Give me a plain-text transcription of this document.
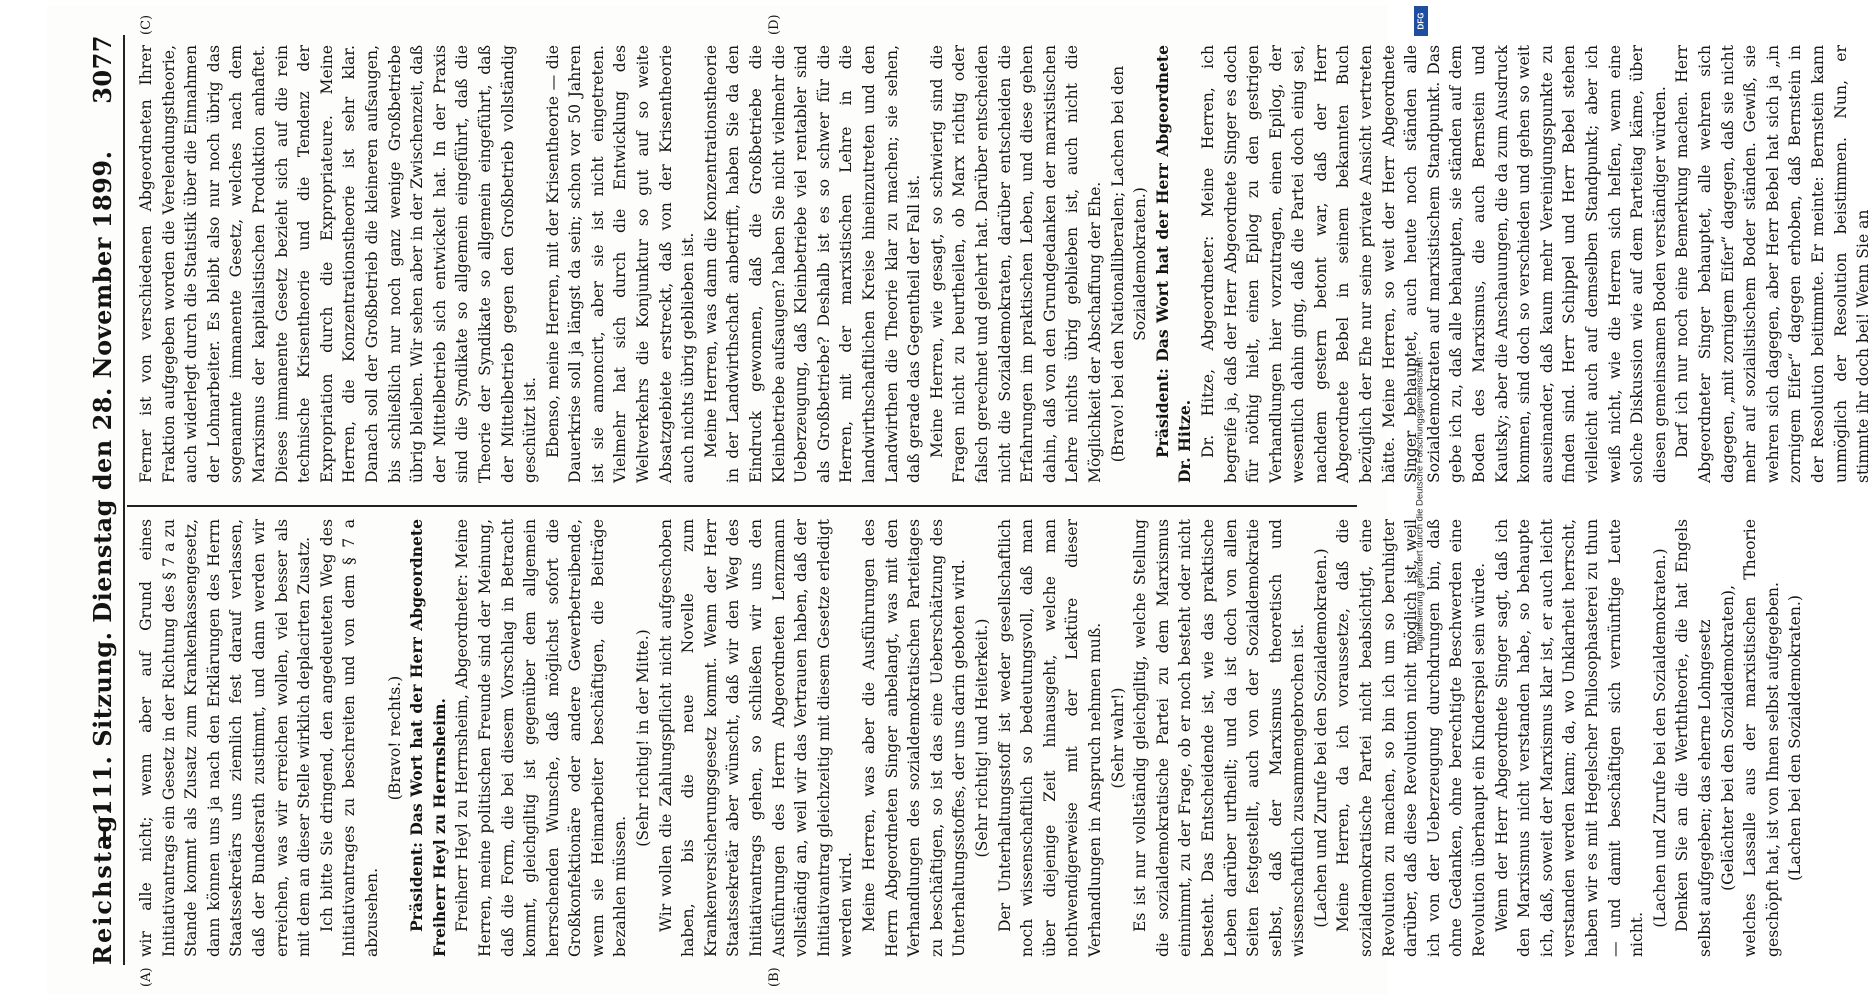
Reichstag.
— 111. Sitzung. Dienstag den 28. November 1899.
3077
(A)	(B)
(C)	(D)

wir alle nicht; wenn aber auf Grund eines Initiativantrags ein Gesetz in der Richtung des § 7 a zu Stande kommt als Zusatz zum Krankenkassengesetz, dann können uns ja nach den Erklärungen des Herrn Staatssekretärs uns ziemlich fest darauf verlassen, daß der Bundesrath zustimmt, und dann werden wir erreichen, was wir erreichen wollen, viel besser als mit dem an dieser Stelle wirklich deplacirten Zusatz. Ich bitte Sie dringend, den angedeuteten Weg des Initiativantrages zu beschreiten und von dem § 7 a abzusehen.

(Bravo! rechts.) Präsident: Das Wort hat der Herr Abgeordnete Freiherr Heyl zu Herrnsheim. Freiherr Heyl zu Herrnsheim, Abgeordneter: Meine Herren, meine politischen Freunde sind der Meinung, daß die Form, die bei diesem Vorschlag in Betracht kommt, gleichgiltig ist gegenüber dem allgemein herrschenden Wunsche, daß möglichst sofort die Großkonfektionäre oder andere Gewerbetreibende, wenn sie Heimarbeiter beschäftigen, die Beiträge bezahlen müssen.

(Sehr richtig! in der Mitte.) Wir wollen die Zahlungspflicht nicht aufgeschoben haben, bis die neue Novelle zum Krankenversicherungsgesetz kommt. Wenn der Herr Staatssekretär aber wünscht, daß wir den Weg des Initiativantrags gehen, so schließen wir uns den Ausführungen des Herrn Abgeordneten Lenzmann vollständig an, weil wir das Vertrauen haben, daß der Initiativantrag gleichzeitig mit diesem Gesetze erledigt werden wird. Meine Herren, was aber die Ausführungen des Herrn Abgeordneten Singer anbelangt, was mit den Verhandlungen des sozialdemokratischen Parteitages zu beschäftigen, so ist das eine Ueberschätzung des Unterhaltungsstoffes, der uns darin geboten wird. (Sehr richtig! und Heiterkeit.) Der Unterhaltungsstoff ist weder gesellschaftlich noch wissenschaftlich so bedeutungsvoll, daß man über diejenige Zeit hinausgeht, welche man nothwendigerweise mit der Lektüre dieser Verhandlungen in Anspruch nehmen muß. (Sehr wahr!) Es ist nur vollständig gleichgiltig, welche Stellung die sozialdemokratische Partei zu dem Marxismus einnimmt, zu der Frage, ob er noch besteht oder nicht besteht. Das Entscheidende ist, wie das praktische Leben darüber urtheilt; und da ist doch von allen Seiten festgestellt, auch von der Sozialdemokratie selbst, daß der Marxismus theoretisch und wissenschaftlich zusammengebrochen ist. (Lachen und Zurufe bei den Sozialdemokraten.) Meine Herren, da ich voraussetze, daß die sozialdemokratische Partei nicht beabsichtigt, eine Revolution zu machen, so bin ich um so beruhigter darüber, daß diese Revolution nicht möglich ist, weil ich von der Ueberzeugung durchdrungen bin, daß ohne Gedanken, ohne berechtigte Beschwerden eine Revolution überhaupt ein Kinderspiel sein würde. Wenn der Herr Abgeordnete Singer sagt, daß ich den Marxismus nicht verstanden habe, so behaupte ich, daß, soweit der Marxismus klar ist, er auch leicht verstanden werden kann; da, wo Unklarheit herrscht, haben wir es mit Hegelscher Philosophasterei zu thun — und damit beschäftigen sich vernünftige Leute nicht.

(Lachen und Zurufe bei den Sozialdemokraten.) Denken Sie an die Werththeorie, die hat Engels selbst aufgegeben; das eherne Lohngesetz (Gelächter bei den Sozialdemokraten), welches Lassalle aus der marxistischen Theorie geschöpft hat, ist von Ihnen selbst aufgegeben. (Lachen bei den Sozialdemokraten.)

Ferner ist von verschiedenen Abgeordneten Ihrer Fraktion aufgegeben worden die Verelendungstheorie, auch widerlegt durch die Statistik über die Einnahmen der Lohnarbeiter. Es bleibt also nur noch übrig das sogenannte immanente Gesetz, welches nach dem Marxismus der kapitalistischen Produktion anhaftet. Dieses immanente Gesetz bezieht sich auf die rein technische Krisentheorie und die Tendenz der Expropriation durch die Expropriateure. Meine Herren, die Konzentrationstheorie ist sehr klar. Danach soll der Großbetrieb die kleineren aufsaugen, bis schließlich nur noch ganz wenige Großbetriebe übrig bleiben. Wir sehen aber in der Zwischenzeit, daß der Mittelbetrieb sich entwickelt hat. In der Praxis sind die Syndikate so allgemein eingeführt, daß die Theorie der Syndikate so allgemein eingeführt, daß der Mittelbetrieb gegen den Großbetrieb vollständig geschützt ist. Ebenso, meine Herren, mit der Krisentheorie — die Dauerkrise soll ja längst da sein; schon vor 50 Jahren ist sie annoncirt, aber sie ist nicht eingetreten. Vielmehr hat sich durch die Entwicklung des Weltverkehrs die Konjunktur so gut auf so weite Absatzgebiete erstreckt, daß von der Krisentheorie auch nichts übrig geblieben ist. Meine Herren, was dann die Konzentrationstheorie in der Landwirthschaft anbetrifft, haben Sie da den Eindruck gewonnen, daß die Großbetriebe die Kleinbetriebe aufsaugen? haben Sie nicht vielmehr die Ueberzeugung, daß Kleinbetriebe viel rentabler sind als Großbetriebe? Deshalb ist es so schwer für die Herren, mit der marxistischen Lehre in die landwirthschaftlichen Kreise hineinzutreten und den Landwirthen die Theorie klar zu machen; sie sehen, daß gerade das Gegentheil der Fall ist. Meine Herren, wie gesagt, so schwierig sind die Fragen nicht zu beurtheilen, ob Marx richtig oder falsch gerechnet und gelehrt hat. Darüber entscheiden nicht die Sozialdemokraten, darüber entscheiden die Erfahrungen im praktischen Leben, und diese gehen dahin, daß von den Grundgedanken der marxistischen Lehre nichts übrig geblieben ist, auch nicht die Möglichkeit der Abschaffung der Ehe. (Bravo! bei den Nationalliberalen; Lachen bei den Sozialdemokraten.) Präsident: Das Wort hat der Herr Abgeordnete Dr. Hitze. Dr. Hitze, Abgeordneter: Meine Herren, ich begreife ja, daß der Herr Abgeordnete Singer es doch für nöthig hielt, einen Epilog zu den gestrigen Verhandlungen hier vorzutragen, einen Epilog, der wesentlich dahin ging, daß die Partei doch einig sei, nachdem gestern betont war, daß der Herr Abgeordnete Bebel in seinem bekannten Buch bezüglich der Ehe nur seine private Ansicht vertreten hätte. Meine Herren, so weit der Herr Abgeordnete Singer behauptet, auch heute noch ständen alle Sozialdemokraten auf marxistischem Standpunkt. Das gebe ich zu, daß alle behaupten, sie ständen auf dem Boden des Marxismus, die auch Bernstein und Kautsky; aber die Anschauungen, die da zum Ausdruck kommen, sind doch so verschieden und gehen so weit auseinander, daß kaum mehr Vereinigungspunkte zu finden sind. Herr Schippel und Herr Bebel stehen vielleicht auch auf demselben Standpunkt; aber ich weiß nicht, wie die Herren sich helfen, wenn eine solche Diskussion wie auf dem Parteitag käme, über diesen gemeinsamen Boden verständiger würden. Darf ich nur noch eine Bemerkung machen. Herr Abgeordneter Singer behauptet, alle wehren sich dagegen, „mit zornigem Eifer“ dagegen, daß sie nicht mehr auf sozialistischem Boder ständen. Gewiß, sie wehren sich dagegen, aber Herr Bebel hat sich ja „in zornigem Eifer“ dagegen erhoben, daß Bernstein in der Resolution beitimmte. Er meinte: Bernstein kann unmöglich der Resolution beistimmen. Nun, er stimmte ihr doch bei! Wenn Sie an

Digitalisierung gefördert durch die Deutsche Forschungsgemeinschaft -
DFG
